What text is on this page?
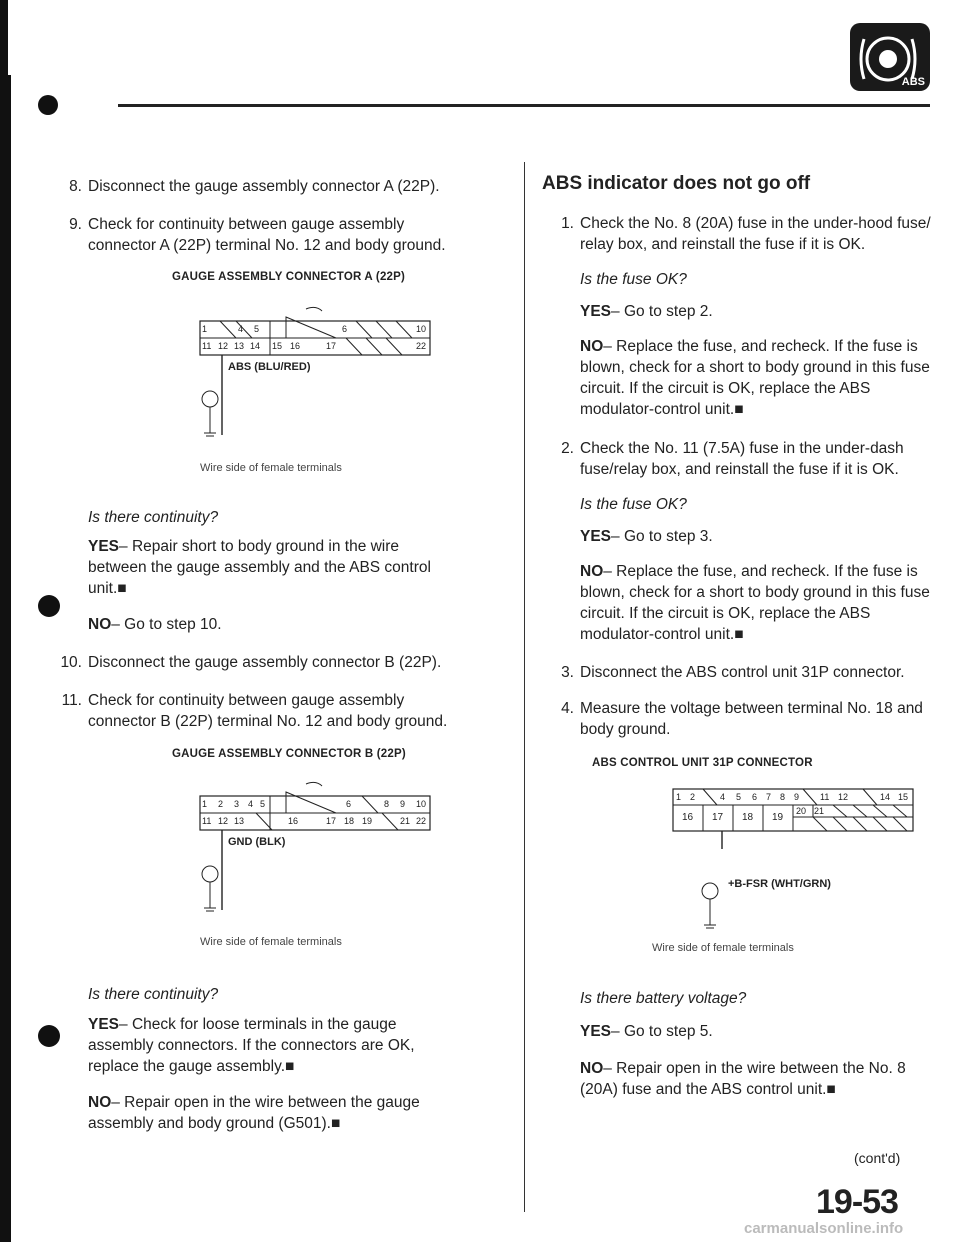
ABS
8. Disconnect the gauge assembly connector A (22P).
9. Check for continuity between gauge assembly
connector A (22P) terminal No. 12 and body ground.
GAUGE ASSEMBLY CONNECTOR A (22P)
1	4 5	6	10
11 12 13 14 15 16	17	22
ABS (BLU/RED)
Wire side of female terminals
Is there continuity?
YES– Repair short to body ground in the wire
between the gauge assembly and the ABS control
unit.■
NO– Go to step 10.
10. Disconnect the gauge assembly connector B (22P).
11. Check for continuity between gauge assembly
connector B (22P) terminal No. 12 and body ground.
GAUGE ASSEMBLY CONNECTOR B (22P)
1 2 3 4 5	6	8 9 10
11 12 13	16	17 18 19	21 22
GND (BLK)
Wire side of female terminals
Is there continuity?
YES– Check for loose terminals in the gauge
assembly connectors. If the connectors are OK,
replace the gauge assembly.■
NO– Repair open in the wire between the gauge
assembly and body ground (G501).■
ABS indicator does not go off
1. Check the No. 8 (20A) fuse in the under-hood fuse/
relay box, and reinstall the fuse if it is OK.
Is the fuse OK?
YES– Go to step 2.
NO– Replace the fuse, and recheck. If the fuse is
blown, check for a short to body ground in this fuse
circuit. If the circuit is OK, replace the ABS
modulator-control unit.■
2. Check the No. 11 (7.5A) fuse in the under-dash
fuse/relay box, and reinstall the fuse if it is OK.
Is the fuse OK?
YES– Go to step 3.
NO– Replace the fuse, and recheck. If the fuse is
blown, check for a short to body ground in this fuse
circuit. If the circuit is OK, replace the ABS
modulator-control unit.■
3. Disconnect the ABS control unit 31P connector.
4. Measure the voltage between terminal No. 18 and
body ground.
ABS CONTROL UNIT 31P CONNECTOR
1 2	4 5 6 7 8 9 11 12	14 15
16 17 18 19
20 21
+B-FSR (WHT/GRN)
Wire side of female terminals
Is there battery voltage?
YES– Go to step 5.
NO– Repair open in the wire between the No. 8
(20A) fuse and the ABS control unit.■
(cont'd)
19-53
carmanualsonline.info
